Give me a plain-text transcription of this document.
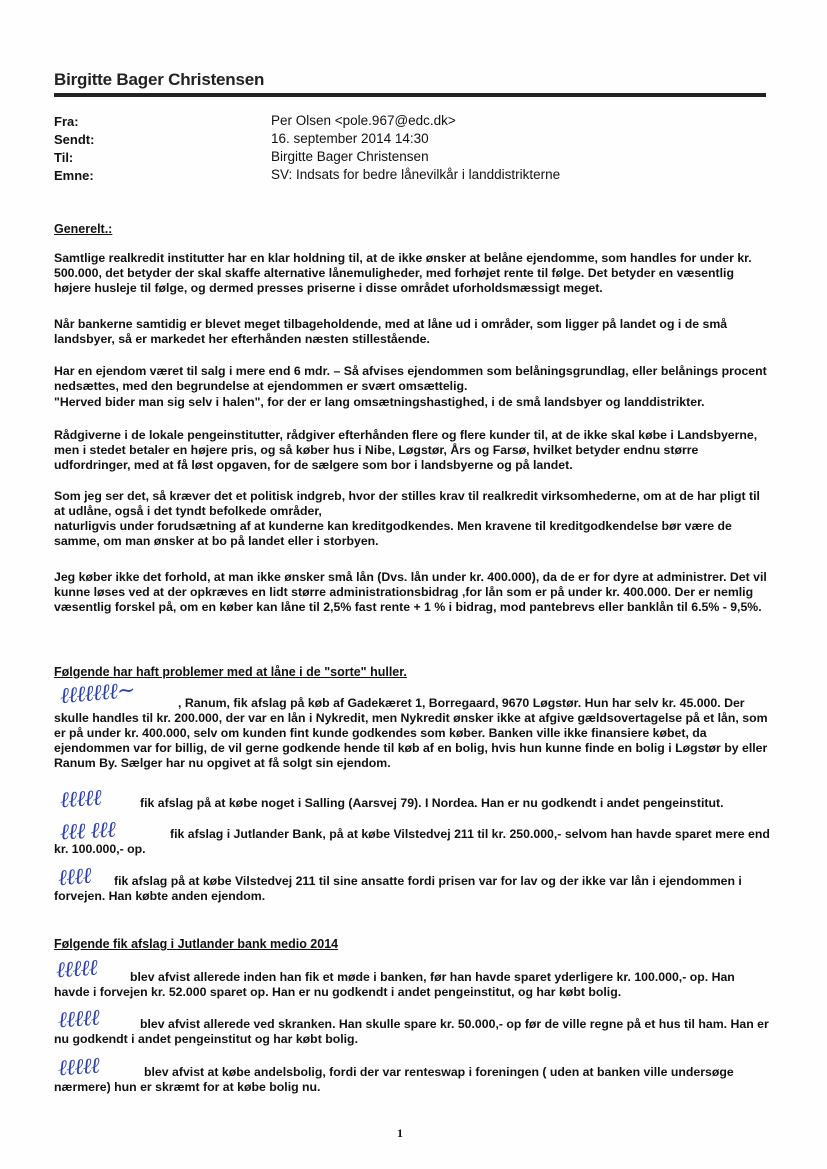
Birgitte Bager Christensen
Fra:	Per Olsen <pole.967@edc.dk>
Sendt:	16. september 2014 14:30
Til:	Birgitte Bager Christensen
Emne:	SV: Indsats for bedre lånevilkår i landdistrikterne
Generelt.:
Samtlige realkredit institutter har en klar holdning til, at de ikke ønsker at belåne ejendomme, som handles for under kr. 500.000, det betyder der skal skaffe alternative lånemuligheder, med forhøjet rente til følge. Det betyder en væsentlig højere husleje til følge, og dermed presses priserne i disse området uforholdsmæssigt meget.
Når bankerne samtidig er blevet meget tilbageholdende, med at låne ud i områder, som ligger på landet og i de små landsbyer, så er markedet her efterhånden næsten stillestående.
Har en ejendom været til salg i mere end 6 mdr. – Så afvises ejendommen som belåningsgrundlag, eller belånings procent nedsættes, med den begrundelse at ejendommen er svært omsættelig.
"Herved bider man sig selv i halen", for der er lang omsætningshastighed, i de små landsbyer og landdistrikter.
Rådgiverne i de lokale pengeinstitutter, rådgiver efterhånden flere og flere kunder til, at de ikke skal købe i Landsbyerne, men i stedet betaler en højere pris, og så køber hus i Nibe, Løgstør, Års og Farsø, hvilket betyder endnu større udfordringer, med at få løst opgaven, for de sælgere som bor i landsbyerne og på landet.
Som jeg ser det, så kræver det et politisk indgreb, hvor der stilles krav til realkredit virksomhederne, om at de har pligt til at udlåne, også i det tyndt befolkede områder,
naturligvis under forudsætning af at kunderne kan kreditgodkendes. Men kravene til kreditgodkendelse bør være de samme, om man ønsker at bo på landet eller i storbyen.
Jeg køber ikke det forhold, at man ikke ønsker små lån (Dvs. lån under kr. 400.000), da de er for dyre at administrer. Det vil kunne løses ved at der opkræves en lidt større administrationsbidrag ,for lån som er på under kr. 400.000. Der er nemlig væsentlig forskel på, om en køber kan låne til 2,5% fast rente + 1 % i bidrag, mod pantebrevs eller banklån til 6.5% - 9,5%.
Følgende har haft problemer med at låne i de "sorte" huller.
ℓℓℓℓℓℓℓ~	, Ranum, fik afslag på køb af Gadekæret 1, Borregaard, 9670 Løgstør. Hun har selv kr. 45.000. Der skulle handles til kr. 200.000, der var en lån i Nykredit, men Nykredit ønsker ikke at afgive gældsovertagelse på et lån, som er på under kr. 400.000, selv om kunden fint kunde godkendes som køber. Banken ville ikke finansiere købet, da ejendommen var for billig, de vil gerne godkende hende til køb af en bolig, hvis hun kunne finde en bolig i Løgstør by eller Ranum By. Sælger har nu opgivet at få solgt sin ejendom.
ℓℓℓℓℓ	fik afslag på at købe noget i Salling (Aarsvej 79). I Nordea. Han er nu godkendt i andet pengeinstitut.
ℓℓℓ ℓℓℓ	fik afslag i Jutlander Bank, på at købe Vilstedvej 211 til kr. 250.000,- selvom han havde sparet mere end kr. 100.000,- op.
ℓℓℓℓ	fik afslag på at købe Vilstedvej 211 til sine ansatte fordi prisen var for lav og der ikke var lån i ejendommen i forvejen. Han købte anden ejendom.
Følgende fik afslag i Jutlander bank medio 2014
ℓℓℓℓℓ	blev afvist allerede inden han fik et møde i banken, før han havde sparet yderligere kr. 100.000,- op. Han havde i forvejen kr. 52.000 sparet op. Han er nu godkendt i andet pengeinstitut, og har købt bolig.
ℓℓℓℓℓ	blev afvist allerede ved skranken. Han skulle spare kr. 50.000,- op før de ville regne på et hus til ham. Han er nu godkendt i andet pengeinstitut og har købt bolig.
ℓℓℓℓℓ	blev afvist at købe andelsbolig, fordi der var renteswap i foreningen ( uden at banken ville undersøge nærmere) hun er skræmt for at købe bolig nu.
1
